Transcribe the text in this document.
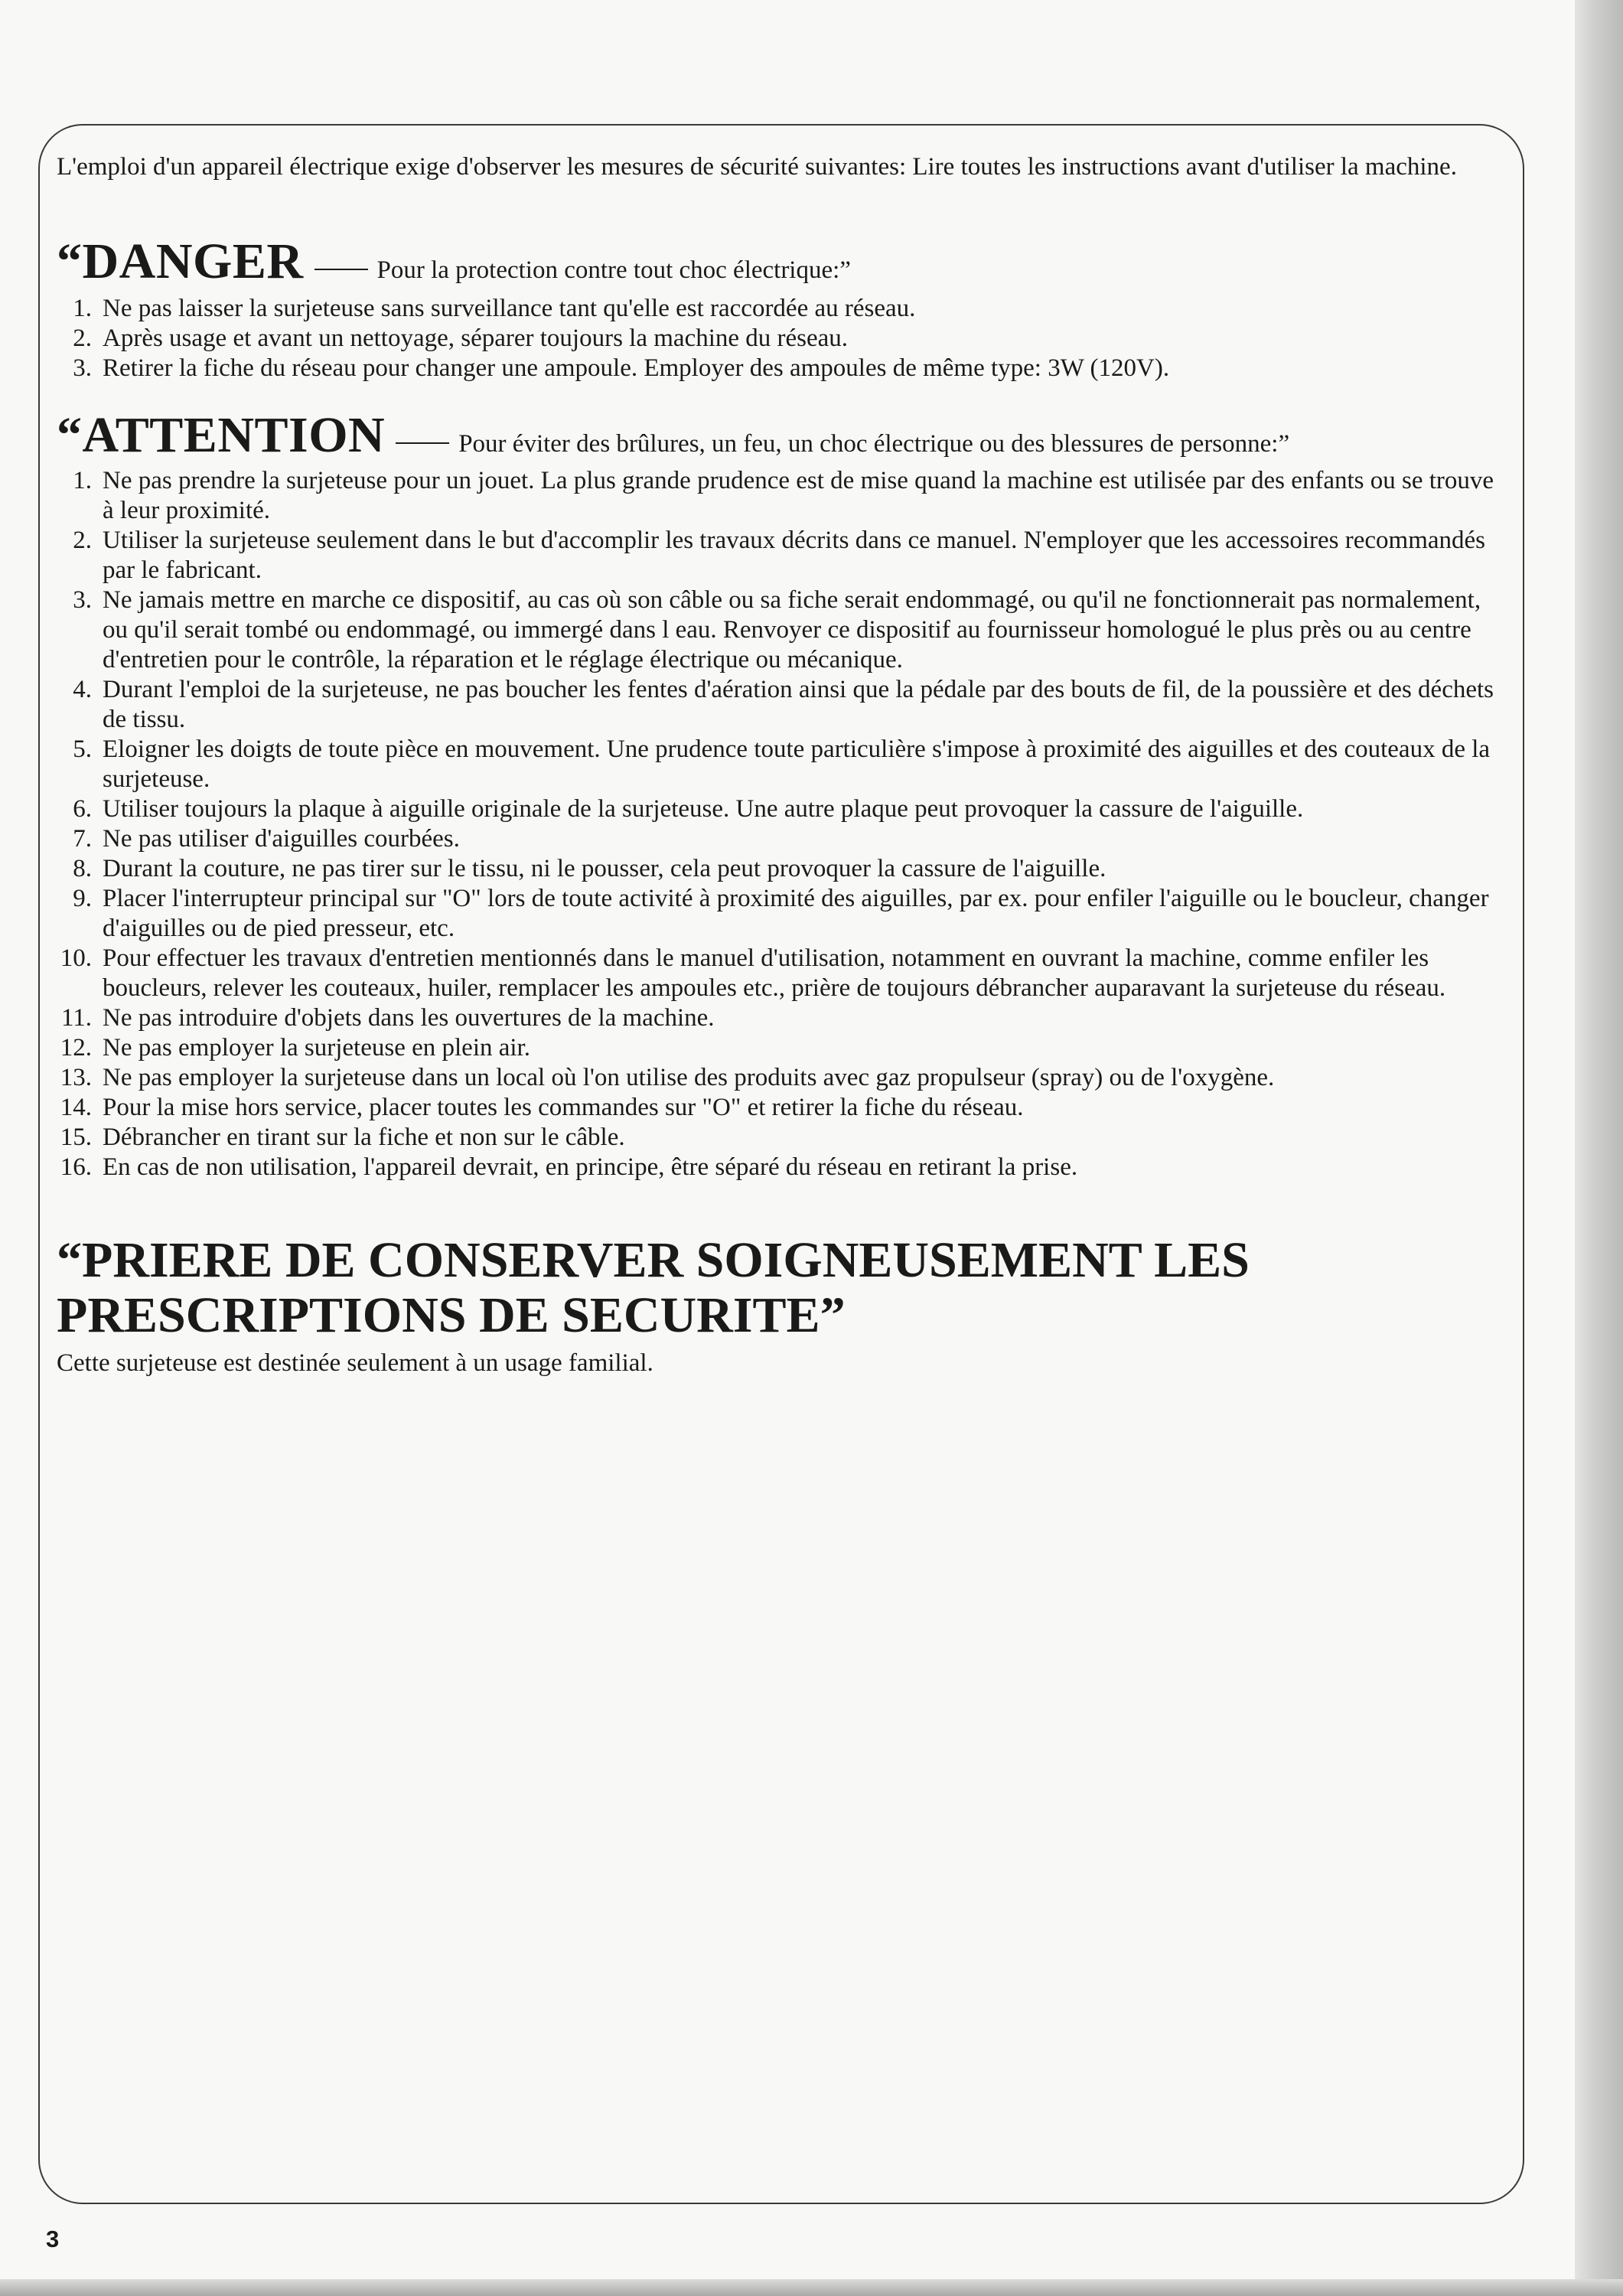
L'emploi d'un appareil électrique exige d'observer les mesures de sécurité suivantes: Lire toutes les instructions avant d'utiliser la machine.

“DANGER	Pour la protection contre tout choc électrique:”
1. Ne pas laisser la surjeteuse sans surveillance tant qu'elle est raccordée au réseau.
2. Après usage et avant un nettoyage, séparer toujours la machine du réseau.
3. Retirer la fiche du réseau pour changer une ampoule. Employer des ampoules de même type: 3W (120V).
“ATTENTION	Pour éviter des brûlures, un feu, un choc électrique ou des blessures de personne:”
1. Ne pas prendre la surjeteuse pour un jouet. La plus grande prudence est de mise quand la machine est utilisée par des enfants ou se trouve à leur proximité.
2. Utiliser la surjeteuse seulement dans le but d'accomplir les travaux décrits dans ce manuel. N'employer que les accessoires recommandés par le fabricant.
3. Ne jamais mettre en marche ce dispositif, au cas où son câble ou sa fiche serait endommagé, ou qu'il ne fonctionnerait pas normalement, ou qu'il serait tombé ou endommagé, ou immergé dans l eau. Renvoyer ce dispositif au fournisseur homologué le plus près ou au centre d'entretien pour le contrôle, la réparation et le réglage électrique ou mécanique.
4. Durant l'emploi de la surjeteuse, ne pas boucher les fentes d'aération ainsi que la pédale par des bouts de fil, de la poussière et des déchets de tissu.
5. Eloigner les doigts de toute pièce en mouvement. Une prudence toute particulière s'impose à proximité des aiguilles et des couteaux de la surjeteuse.
6. Utiliser toujours la plaque à aiguille originale de la surjeteuse. Une autre plaque peut provoquer la cassure de l'aiguille.
7. Ne pas utiliser d'aiguilles courbées.
8. Durant la couture, ne pas tirer sur le tissu, ni le pousser, cela peut provoquer la cassure de l'aiguille.
9. Placer l'interrupteur principal sur "O" lors de toute activité à proximité des aiguilles, par ex. pour enfiler l'aiguille ou le boucleur, changer d'aiguilles ou de pied presseur, etc.
10. Pour effectuer les travaux d'entretien mentionnés dans le manuel d'utilisation, notamment en ouvrant la machine, comme enfiler les boucleurs, relever les couteaux, huiler, remplacer les ampoules etc., prière de toujours débrancher auparavant la surjeteuse du réseau.
11. Ne pas introduire d'objets dans les ouvertures de la machine.
12. Ne pas employer la surjeteuse en plein air.
13. Ne pas employer la surjeteuse dans un local où l'on utilise des produits avec gaz propulseur (spray) ou de l'oxygène.
14. Pour la mise hors service, placer toutes les commandes sur "O" et retirer la fiche du réseau.
15. Débrancher en tirant sur la fiche et non sur le câble.
16. En cas de non utilisation, l'appareil devrait, en principe, être séparé du réseau en retirant la prise.

“PRIERE DE CONSERVER SOIGNEUSEMENT LES

PRESCRIPTIONS DE SECURITE”

Cette surjeteuse est destinée seulement à un usage familial.

3
